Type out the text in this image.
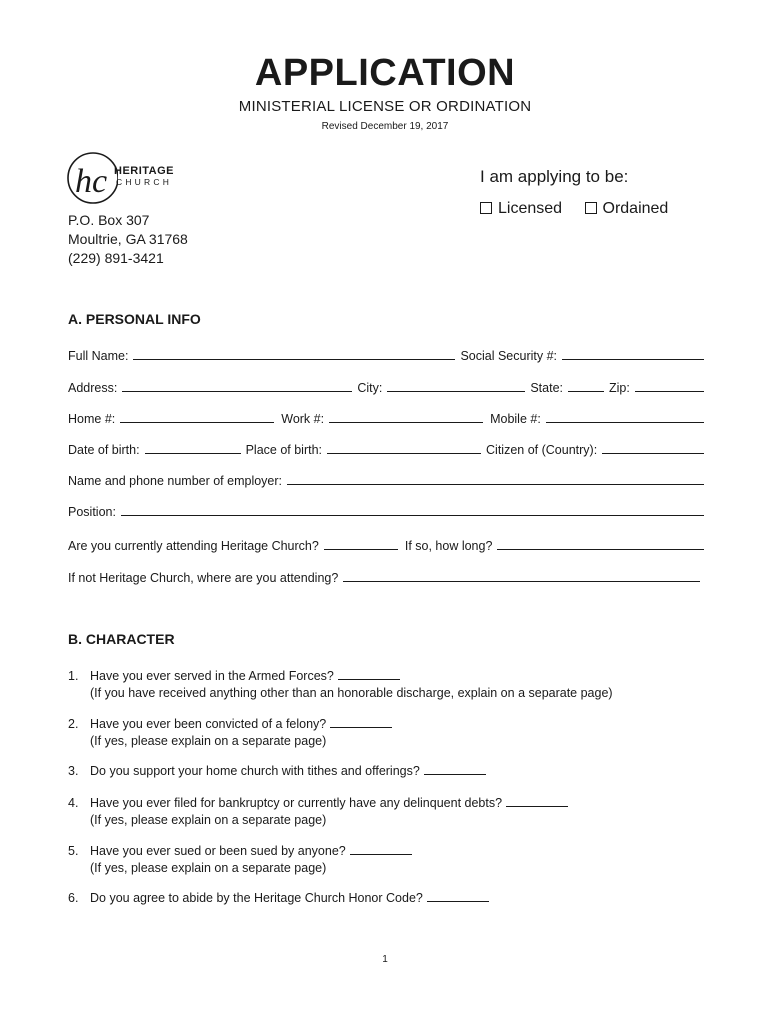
APPLICATION
MINISTERIAL LICENSE OR ORDINATION
Revised December 19, 2017
hc HERITAGE
CHURCH
P.O. Box 307
Moultrie, GA 31768
(229) 891-3421
I am applying to be:
Licensed	Ordained
A. PERSONAL INFO
Full Name:	Social Security #:
Address:	City:	State:	Zip:
Home #:	Work #:	Mobile #:
Date of birth:	Place of birth:	Citizen of (Country):
Name and phone number of employer:
Position:
Are you currently attending Heritage Church?	If so, how long?
If not Heritage Church, where are you attending?
B. CHARACTER
1. Have you ever served in the Armed Forces?
(If you have received anything other than an honorable discharge, explain on a separate page)
2. Have you ever been convicted of a felony?
(If yes, please explain on a separate page)
3. Do you support your home church with tithes and offerings?
4. Have you ever filed for bankruptcy or currently have any delinquent debts?
(If yes, please explain on a separate page)
5. Have you ever sued or been sued by anyone?
(If yes, please explain on a separate page)
6. Do you agree to abide by the Heritage Church Honor Code?
1
